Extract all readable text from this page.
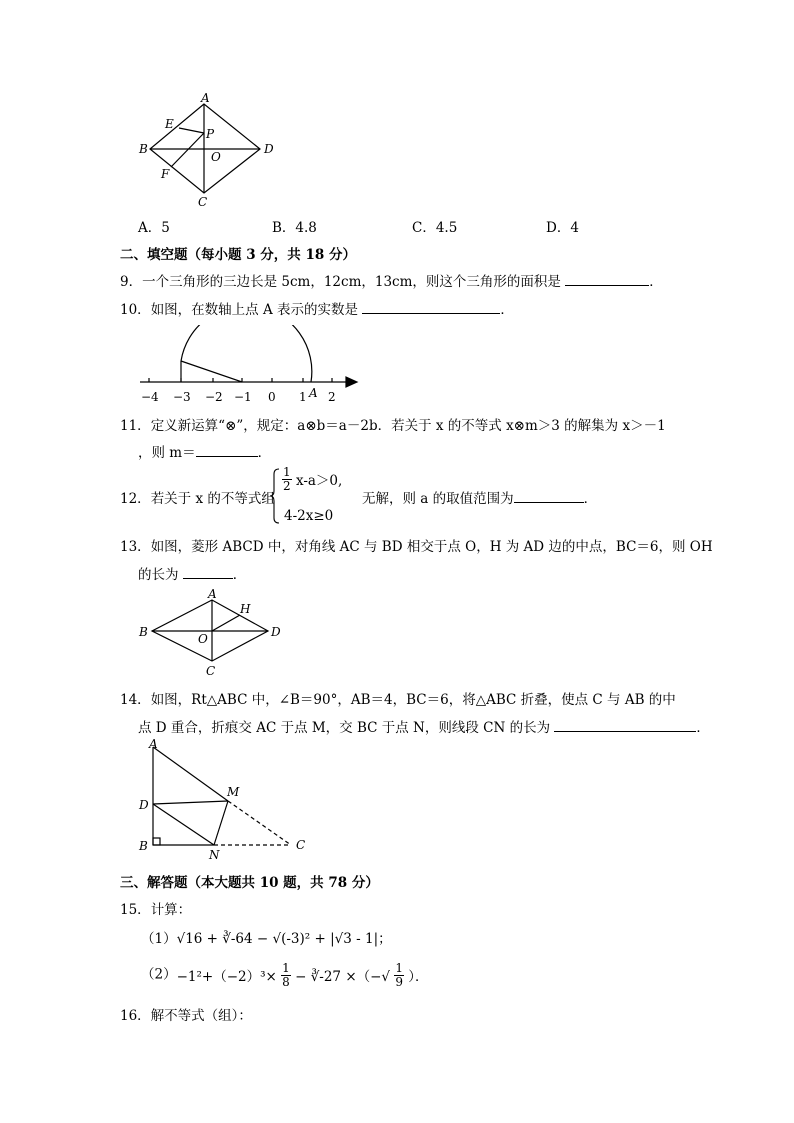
A
B
C
D
E
F
P
O
A．5	B．4.8	C．4.5	D．4
二、填空题（每小题 3 分，共 18 分）
9．一个三角形的三边长是 5cm，12cm，13cm，则这个三角形的面积是	．
10．如图，在数轴上点 A 表示的实数是	．
−4 −3 −2 −1 0 1 2
A
11．定义新运算“⊗”，规定：a⊗b＝a－2b．若关于 x 的不等式 x⊗m＞3 的解集为 x＞－1
，则 m＝	．
12．若关于 x 的不等式组
$\frac{1}{2} x-a>0$,
4-2x≥0
无解，则 a 的取值范围为	．
13．如图，菱形 ABCD 中，对角线 AC 与 BD 相交于点 O，H 为 AD 边的中点，BC＝6，则 OH
的长为	．
A
B
C
D
O
H
14．如图，Rt△ABC 中，∠B＝90°，AB＝4，BC＝6，将△ABC 折叠，使点 C 与 AB 的中
点 D 重合，折痕交 AC 于点 M，交 BC 于点 N，则线段 CN 的长为	．
A
D
B
N
M
C
三、解答题（本大题共 10 题，共 78 分）
15．计算：
（1）√16 + ∛-64 − √(-3)² + |√3 - 1|；
$(2)-1^2+(-2)^3\times \frac{1}{8}$ − ∛-27 ×（−√ $\frac{1}{9}$ ）．
16．解不等式（组）：
